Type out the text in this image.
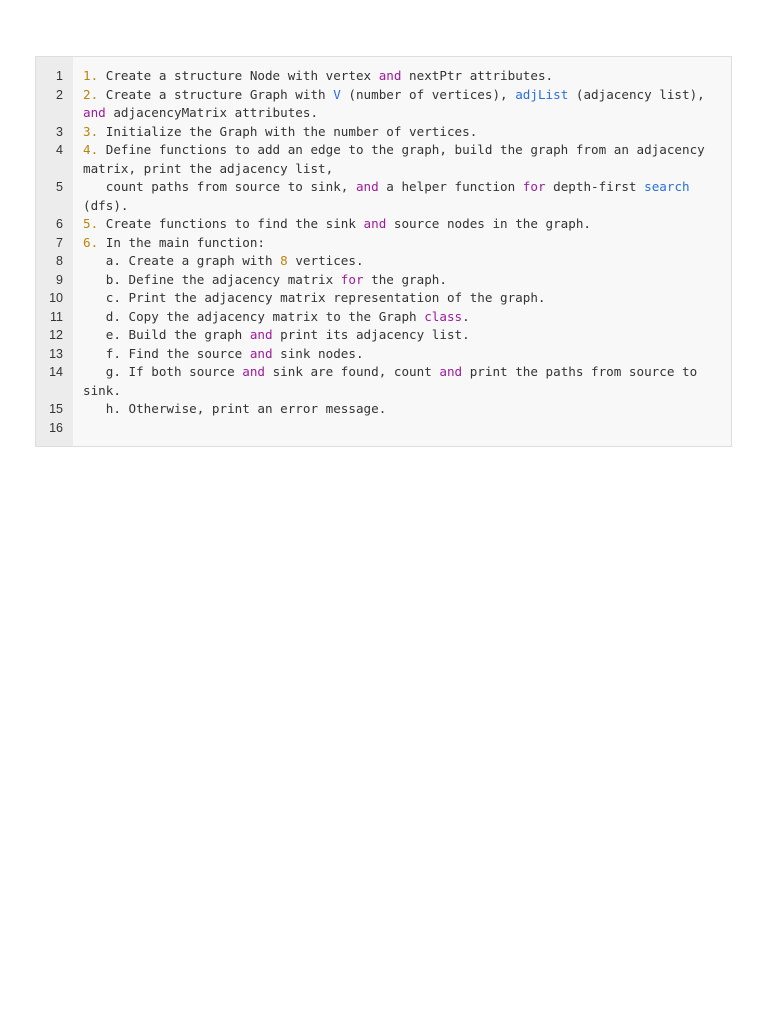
1
2
3
4
5
6
7
8
9
10
11
12
13
14
15
16
1. Create a structure Node with vertex and nextPtr attributes.
2. Create a structure Graph with V (number of vertices), adjList (adjacency list), and adjacencyMatrix attributes.
3. Initialize the Graph with the number of vertices.
4. Define functions to add an edge to the graph, build the graph from an adjacency matrix, print the adjacency list,
count paths from source to sink, and a helper function for depth-first search (dfs).
5. Create functions to find the sink and source nodes in the graph.
6. In the main function:
a. Create a graph with 8 vertices.
b. Define the adjacency matrix for the graph.
c. Print the adjacency matrix representation of the graph.
d. Copy the adjacency matrix to the Graph class.
e. Build the graph and print its adjacency list.
f. Find the source and sink nodes.
g. If both source and sink are found, count and print the paths from source to sink.
h. Otherwise, print an error message.
